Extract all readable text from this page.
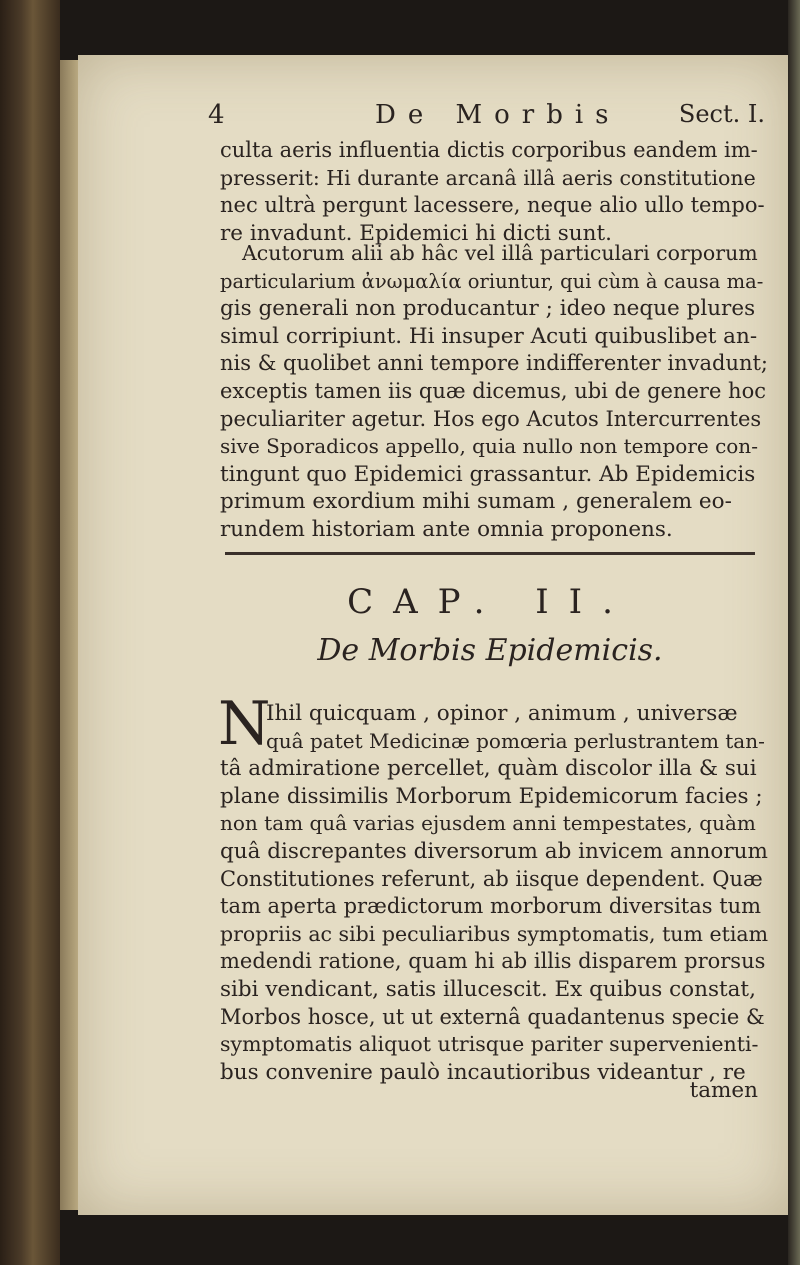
4	De Morbis Sect. I.
culta aeris influentia dictis corporibus eandem im-
presserit: Hi durante arcanâ illâ aeris constitutione
nec ultrà pergunt lacessere, neque alio ullo tempo-
re invadunt. Epidemici hi dicti sunt.
Acutorum alii ab hâc vel illâ particulari corporum
particularium ἀνωμαλία oriuntur, qui cùm à causa ma-
gis generali non producantur ; ideo neque plures
simul corripiunt. Hi insuper Acuti quibuslibet an-
nis & quolibet anni tempore indifferenter invadunt;
exceptis tamen iis quæ dicemus, ubi de genere hoc
peculiariter agetur. Hos ego Acutos Intercurrentes
sive Sporadicos appello, quia nullo non tempore con-
tingunt quo Epidemici grassantur. Ab Epidemicis
primum exordium mihi sumam , generalem eo-
rundem historiam ante omnia proponens.
CAP. II.
De Morbis Epidemicis.
N
Ihil quicquam , opinor , animum , universæ
quâ patet Medicinæ pomœria perlustrantem tan-
tâ admiratione percellet, quàm discolor illa & sui
plane dissimilis Morborum Epidemicorum facies ;
non tam quâ varias ejusdem anni tempestates, quàm
quâ discrepantes diversorum ab invicem annorum
Constitutiones referunt, ab iisque dependent. Quæ
tam aperta prædictorum morborum diversitas tum
propriis ac sibi peculiaribus symptomatis, tum etiam
medendi ratione, quam hi ab illis disparem prorsus
sibi vendicant, satis illucescit. Ex quibus constat,
Morbos hosce, ut ut externâ quadantenus specie &
symptomatis aliquot utrisque pariter supervenienti-
bus convenire paulò incautioribus videantur , re
tamen
